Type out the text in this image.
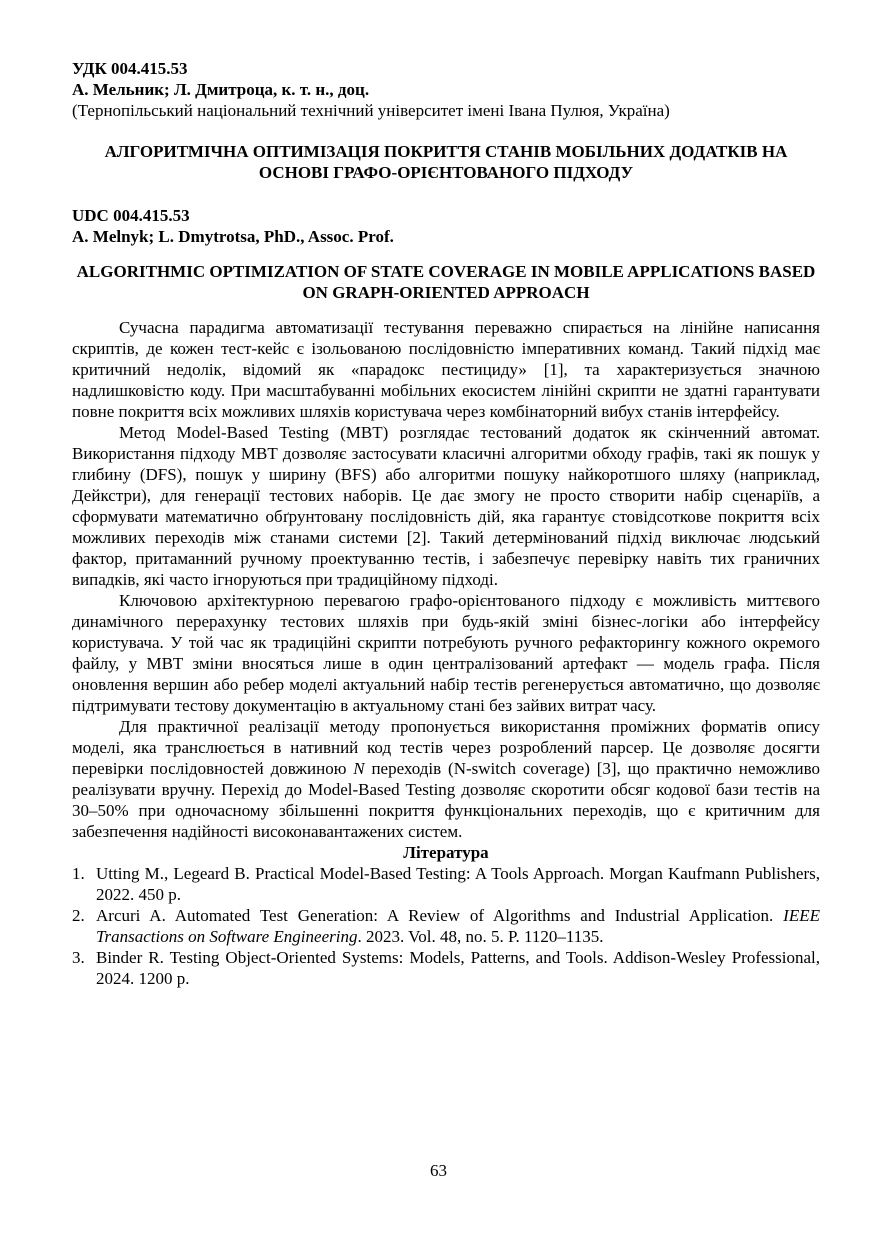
УДК 004.415.53
А. Мельник; Л. Дмитроца, к. т. н., доц.
(Тернопільський національний технічний університет імені Івана Пулюя, Україна)
АЛГОРИТМІЧНА ОПТИМІЗАЦІЯ ПОКРИТТЯ СТАНІВ МОБІЛЬНИХ ДОДАТКІВ НА ОСНОВІ ГРАФО-ОРІЄНТОВАНОГО ПІДХОДУ
UDC 004.415.53
A. Melnyk; L. Dmytrotsa, PhD., Assoc. Prof.
ALGORITHMIC OPTIMIZATION OF STATE COVERAGE IN MOBILE APPLICATIONS BASED ON GRAPH-ORIENTED APPROACH

Сучасна парадигма автоматизації тестування переважно спирається на лінійне написання скриптів, де кожен тест-кейс є ізольованою послідовністю імперативних команд. Такий підхід має критичний недолік, відомий як «парадокс пестициду» [1], та характеризується значною надлишковістю коду. При масштабуванні мобільних екосистем лінійні скрипти не здатні гарантувати повне покриття всіх можливих шляхів користувача через комбінаторний вибух станів інтерфейсу.

Метод Model-Based Testing (MBT) розглядає тестований додаток як скінченний автомат. Використання підходу MBT дозволяє застосувати класичні алгоритми обходу графів, такі як пошук у глибину (DFS), пошук у ширину (BFS) або алгоритми пошуку найкоротшого шляху (наприклад, Дейкстри), для генерації тестових наборів. Це дає змогу не просто створити набір сценаріїв, а сформувати математично обґрунтовану послідовність дій, яка гарантує стовідсоткове покриття всіх можливих переходів між станами системи [2]. Такий детермінований підхід виключає людський фактор, притаманний ручному проектуванню тестів, і забезпечує перевірку навіть тих граничних випадків, які часто ігноруються при традиційному підході.

Ключовою архітектурною перевагою графо-орієнтованого підходу є можливість миттєвого динамічного перерахунку тестових шляхів при будь-якій зміні бізнес-логіки або інтерфейсу користувача. У той час як традиційні скрипти потребують ручного рефакторингу кожного окремого файлу, у MBT зміни вносяться лише в один централізований артефакт — модель графа. Після оновлення вершин або ребер моделі актуальний набір тестів регенерується автоматично, що дозволяє підтримувати тестову документацію в актуальному стані без зайвих витрат часу.

Для практичної реалізації методу пропонується використання проміжних форматів опису моделі, яка транслюється в нативний код тестів через розроблений парсер. Це дозволяє досягти перевірки послідовностей довжиною N переходів (N-switch coverage) [3], що практично неможливо реалізувати вручну. Перехід до Model-Based Testing дозволяє скоротити обсяг кодової бази тестів на 30–50% при одночасному збільшенні покриття функціональних переходів, що є критичним для забезпечення надійності високонавантажених систем.

Література

1. Utting M., Legeard B. Practical Model-Based Testing: A Tools Approach. Morgan Kaufmann Publishers, 2022. 450 p.
2. Arcuri A. Automated Test Generation: A Review of Algorithms and Industrial Application. IEEE Transactions on Software Engineering. 2023. Vol. 48, no. 5. P. 1120–1135.
3. Binder R. Testing Object-Oriented Systems: Models, Patterns, and Tools. Addison-Wesley Professional, 2024. 1200 p.
63
